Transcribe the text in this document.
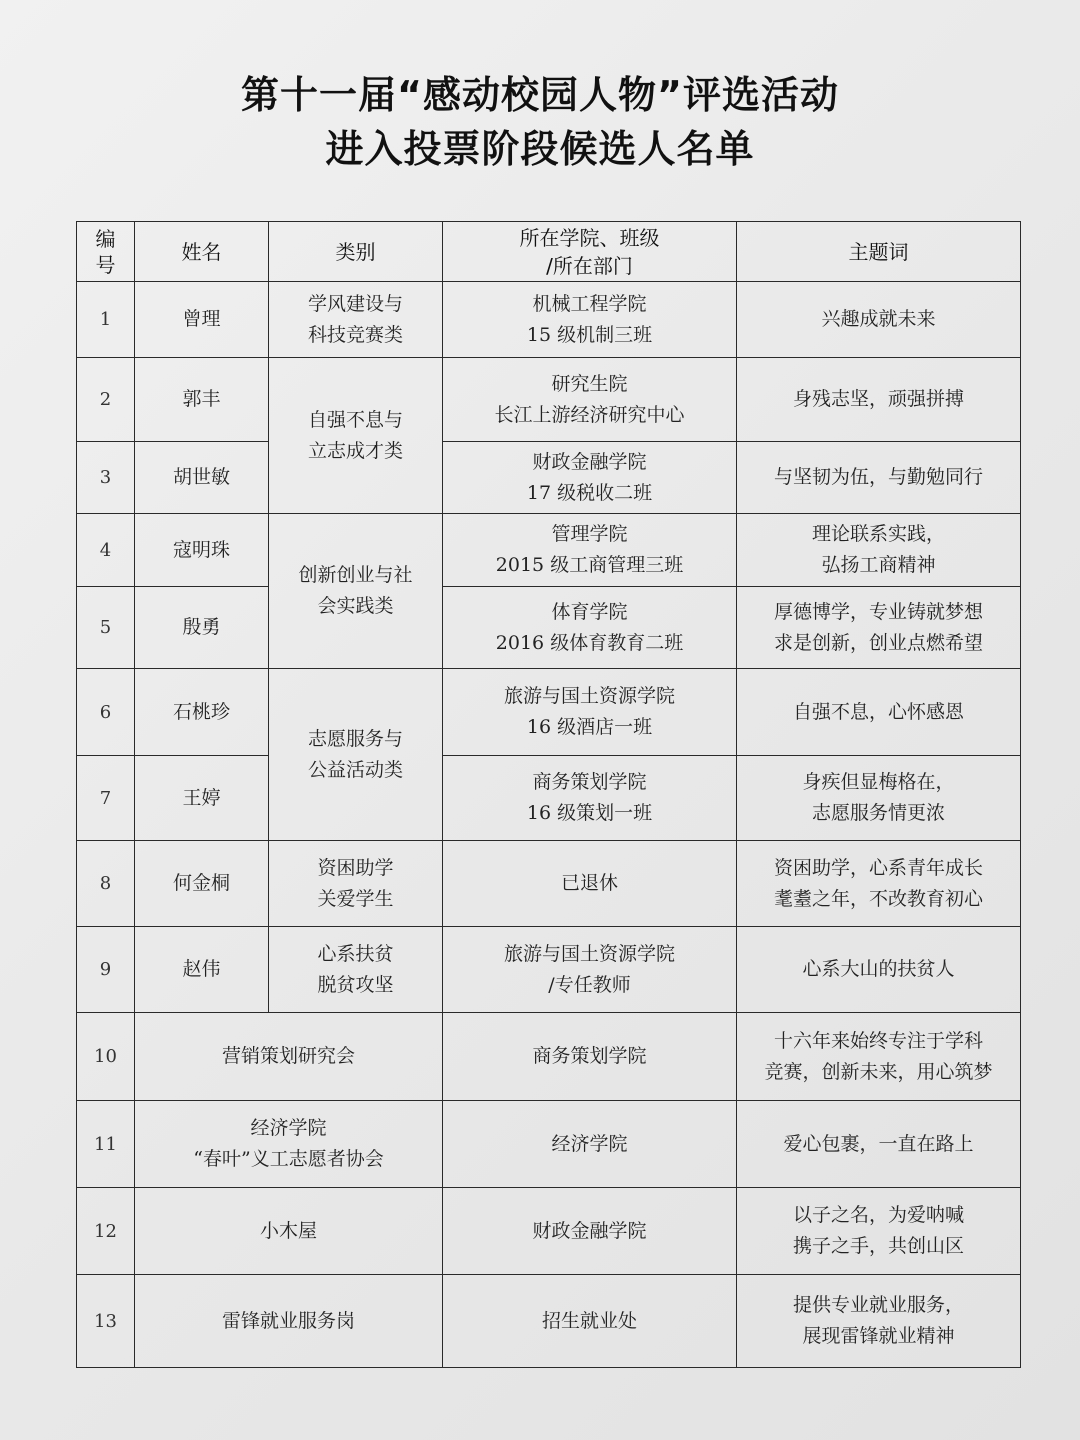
第十一届“感动校园人物”评选活动
进入投票阶段候选人名单
编
号	姓名	类别	所在学院、班级
/所在部门	主题词
1	曾理	学风建设与
科技竞赛类	机械工程学院
15 级机制三班	兴趣成就未来

2	郭丰	自强不息与
立志成才类	研究生院
长江上游经济研究中心	身残志坚，顽强拼搏

3	胡世敏		财政金融学院
17 级税收二班	与坚韧为伍，与勤勉同行

4	寇明珠	创新创业与社
会实践类	管理学院
2015 级工商管理三班	理论联系实践，
弘扬工商精神

5	殷勇		体育学院
2016 级体育教育二班	厚德博学，专业铸就梦想
求是创新，创业点燃希望

6	石桃珍	志愿服务与
公益活动类	旅游与国土资源学院
16 级酒店一班	自强不息，心怀感恩

7	王婷		商务策划学院
16 级策划一班	身疾但显梅格在，
志愿服务情更浓

8	何金桐	资困助学
关爱学生	已退休	资困助学，心系青年成长
耄耋之年，不改教育初心

9	赵伟	心系扶贫
脱贫攻坚	旅游与国土资源学院
/专任教师	心系大山的扶贫人

10	营销策划研究会		商务策划学院	十六年来始终专注于学科
竞赛，创新未来，用心筑梦

11	经济学院
“春叶”义工志愿者协会		经济学院	爱心包裹，一直在路上

12	小木屋		财政金融学院	以子之名，为爱呐喊
携子之手，共创山区

13	雷锋就业服务岗		招生就业处	提供专业就业服务，
展现雷锋就业精神
